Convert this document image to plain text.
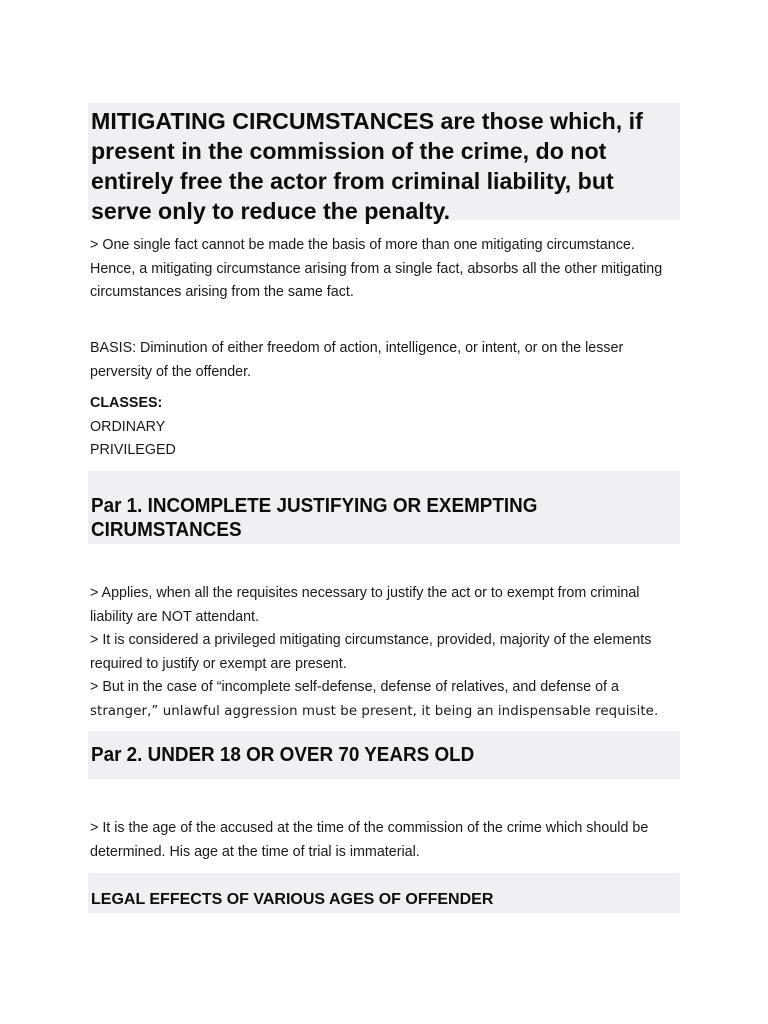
MITIGATING CIRCUMSTANCES are those which, if present in the commission of the crime, do not entirely free the actor from criminal liability, but serve only to reduce the penalty.

> One single fact cannot be made the basis of more than one mitigating circumstance. Hence, a mitigating circumstance arising from a single fact, absorbs all the other mitigating circumstances arising from the same fact.

BASIS: Diminution of either freedom of action, intelligence, or intent, or on the lesser perversity of the offender.

CLASSES:

ORDINARY

PRIVILEGED

Par 1. INCOMPLETE JUSTIFYING OR EXEMPTING
CIRUMSTANCES

> Applies, when all the requisites necessary to justify the act or to exempt from criminal liability are NOT attendant.

> It is considered a privileged mitigating circumstance, provided, majority of the elements required to justify or exempt are present.

> But in the case of “incomplete self-defense, defense of relatives, and defense of a

stranger,” unlawful aggression must be present, it being an indispensable requisite.

Par 2. UNDER 18 OR OVER 70 YEARS OLD

> It is the age of the accused at the time of the commission of the crime which should be determined. His age at the time of trial is immaterial.

LEGAL EFFECTS OF VARIOUS AGES OF OFFENDER
